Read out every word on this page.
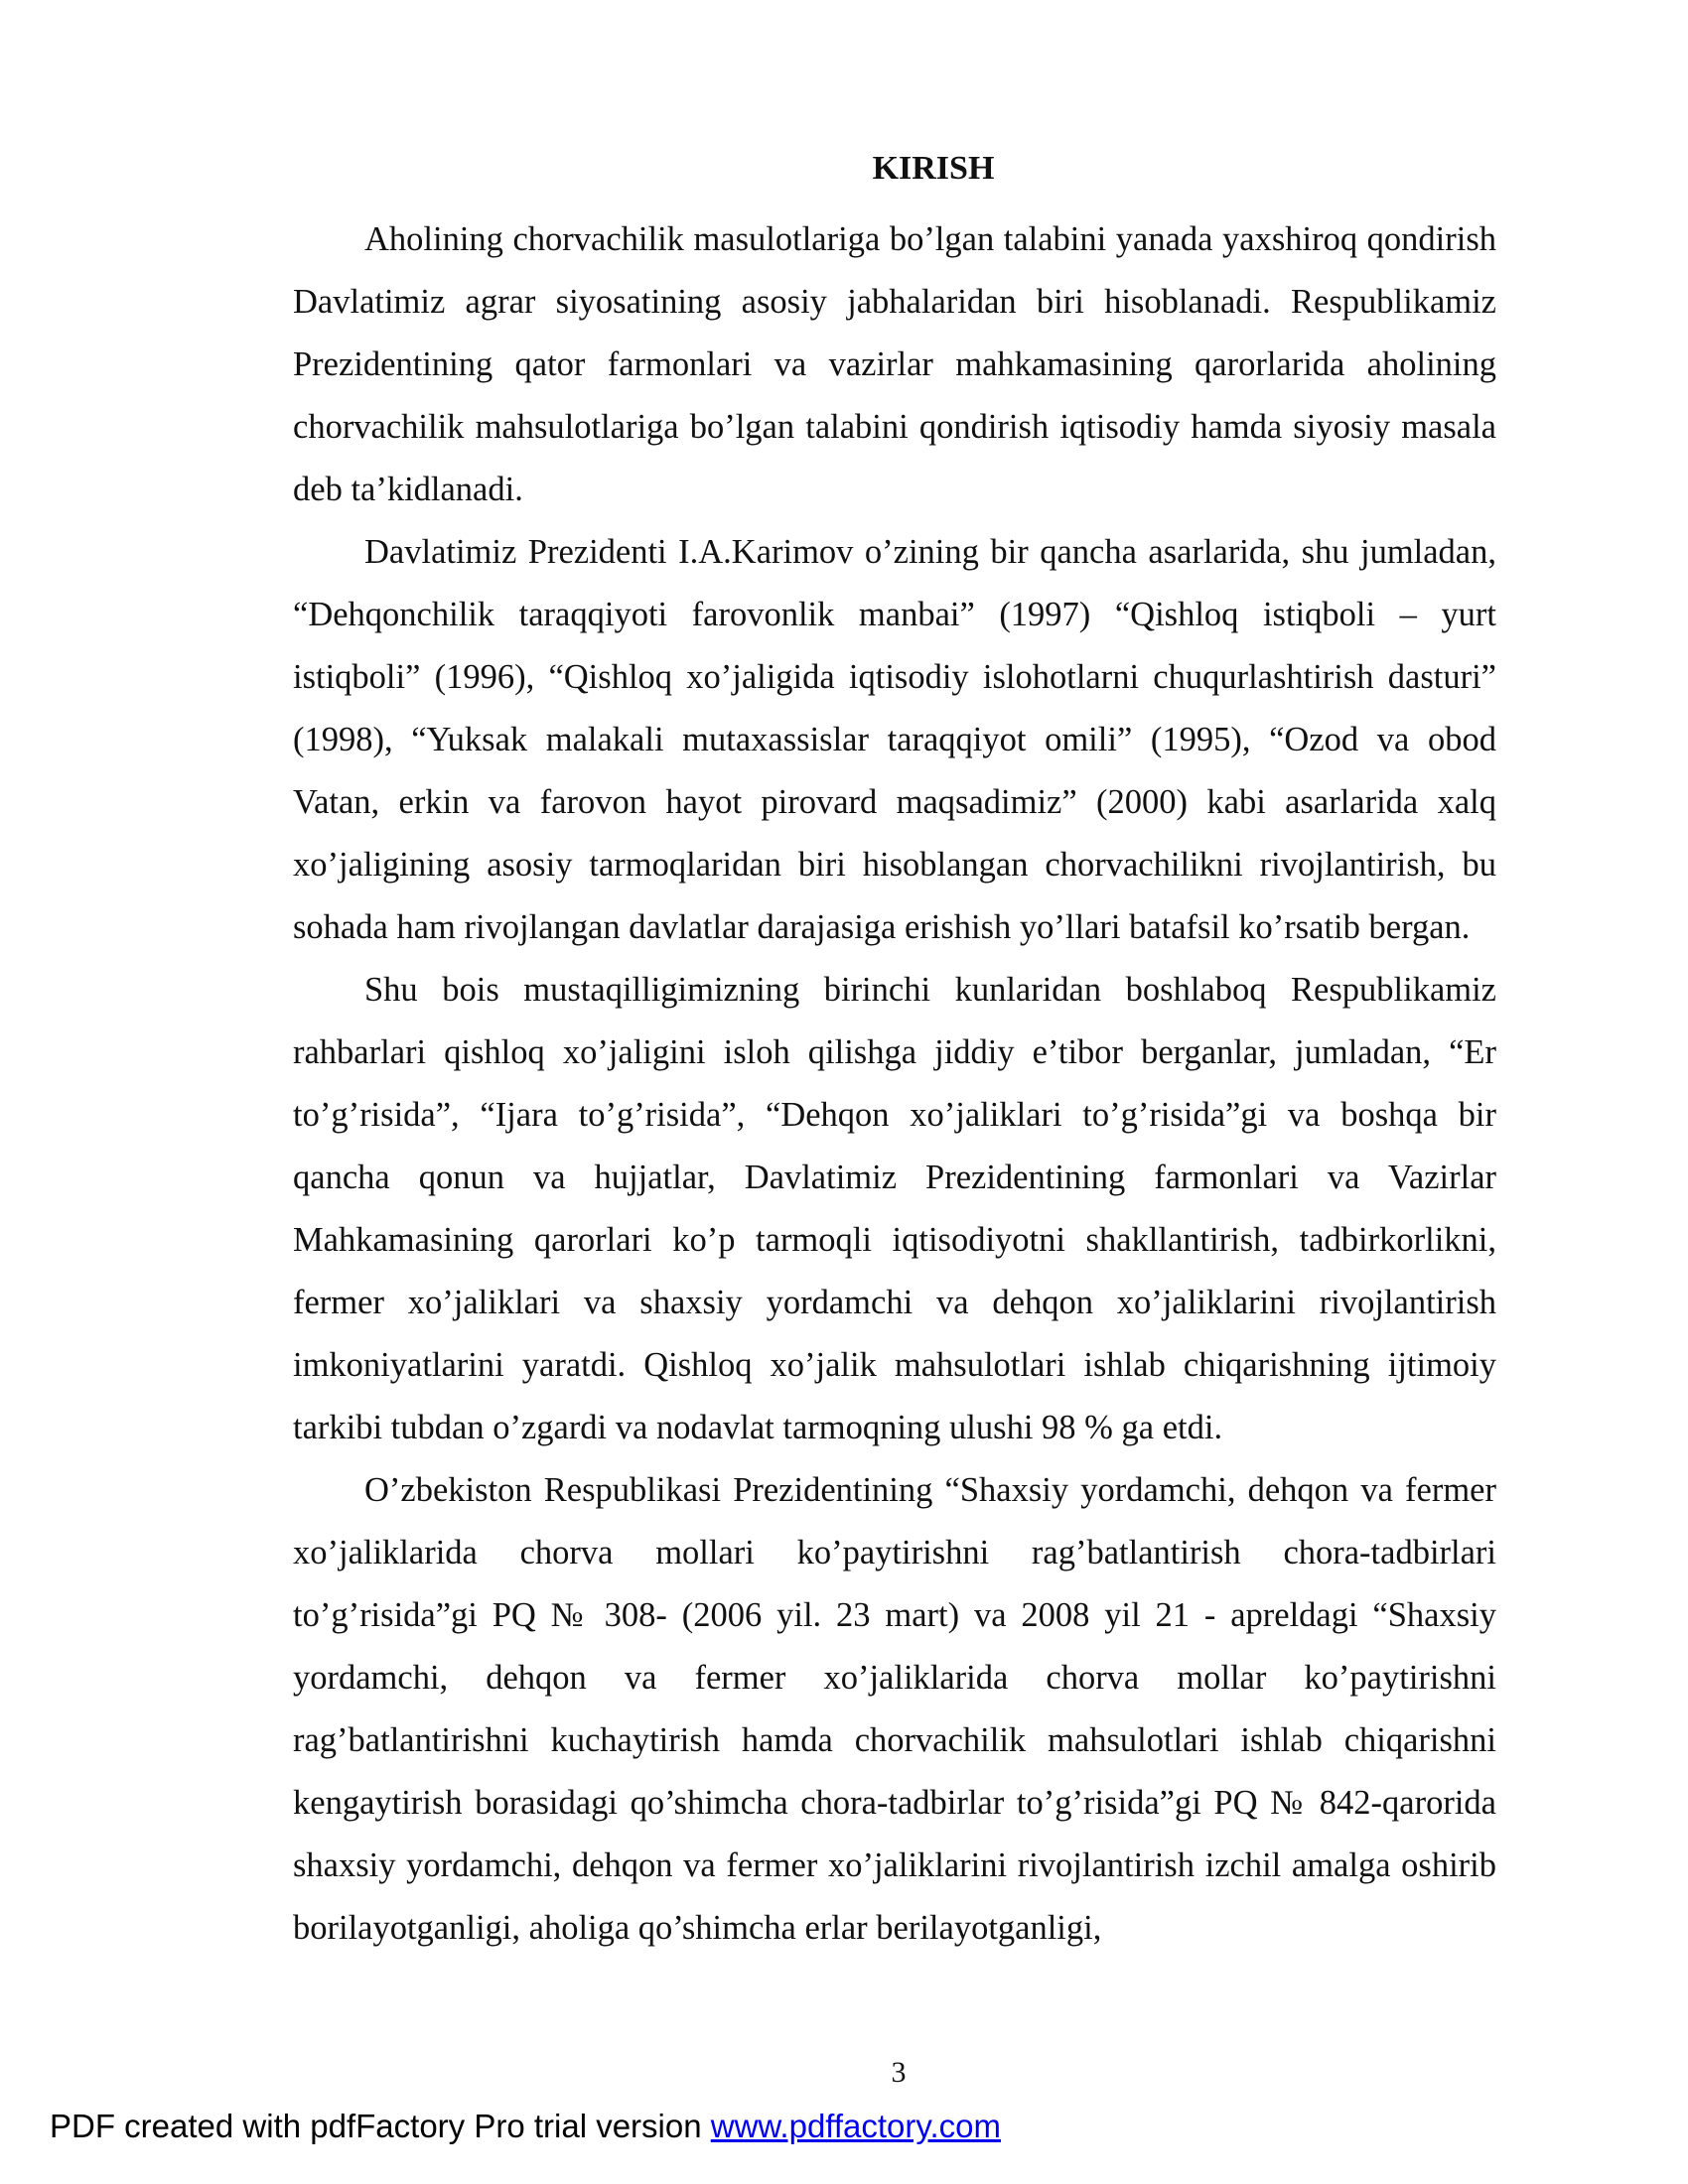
KIRISH

Aholining chorvachilik masulotlariga bo’lgan talabini yanada yaxshiroq qondirish Davlatimiz agrar siyosatining asosiy jabhalaridan biri hisoblanadi. Respublikamiz Prezidentining qator farmonlari va vazirlar mahkamasining qarorlarida aholining chorvachilik mahsulotlariga bo’lgan talabini qondirish iqtisodiy hamda siyosiy masala deb ta’kidlanadi.

Davlatimiz Prezidenti I.A.Karimov o’zining bir qancha asarlarida, shu jumladan, “Dehqonchilik taraqqiyoti farovonlik manbai” (1997) “Qishloq istiqboli – yurt istiqboli” (1996), “Qishloq xo’jaligida iqtisodiy islohotlarni chuqurlashtirish dasturi” (1998), “Yuksak malakali mutaxassislar taraqqiyot omili” (1995), “Ozod va obod Vatan, erkin va farovon hayot pirovard maqsadimiz” (2000) kabi asarlarida xalq xo’jaligining asosiy tarmoqlaridan biri hisoblangan chorvachilikni rivojlantirish, bu sohada ham rivojlangan davlatlar darajasiga erishish yo’llari batafsil ko’rsatib bergan.

Shu bois mustaqilligimizning birinchi kunlaridan boshlaboq Respublikamiz rahbarlari qishloq xo’jaligini isloh qilishga jiddiy e’tibor berganlar, jumladan, “Er to’g’risida”, “Ijara to’g’risida”, “Dehqon xo’jaliklari to’g’risida”gi va boshqa bir qancha qonun va hujjatlar, Davlatimiz Prezidentining farmonlari va Vazirlar Mahkamasining qarorlari ko’p tarmoqli iqtisodiyotni shakllantirish, tadbirkorlikni, fermer xo’jaliklari va shaxsiy yordamchi va dehqon xo’jaliklarini rivojlantirish imkoniyatlarini yaratdi. Qishloq xo’jalik mahsulotlari ishlab chiqarishning ijtimoiy tarkibi tubdan o’zgardi va nodavlat tarmoqning ulushi 98 % ga etdi.

O’zbekiston Respublikasi Prezidentining “Shaxsiy yordamchi, dehqon va fermer xo’jaliklarida chorva mollari ko’paytirishni rag’batlantirish chora-tadbirlari to’g’risida”gi PQ № 308- (2006 yil. 23 mart) va 2008 yil 21 - apreldagi “Shaxsiy yordamchi, dehqon va fermer xo’jaliklarida chorva mollar ko’paytirishni rag’batlantirishni kuchaytirish hamda chorvachilik mahsulotlari ishlab chiqarishni kengaytirish borasidagi qo’shimcha chora-tadbirlar to’g’risida”gi PQ № 842-qarorida shaxsiy yordamchi, dehqon va fermer xo’jaliklarini rivojlantirish izchil amalga oshirib borilayotganligi, aholiga qo’shimcha erlar berilayotganligi,

3
PDF created with pdfFactory Pro trial version www.pdffactory.com
